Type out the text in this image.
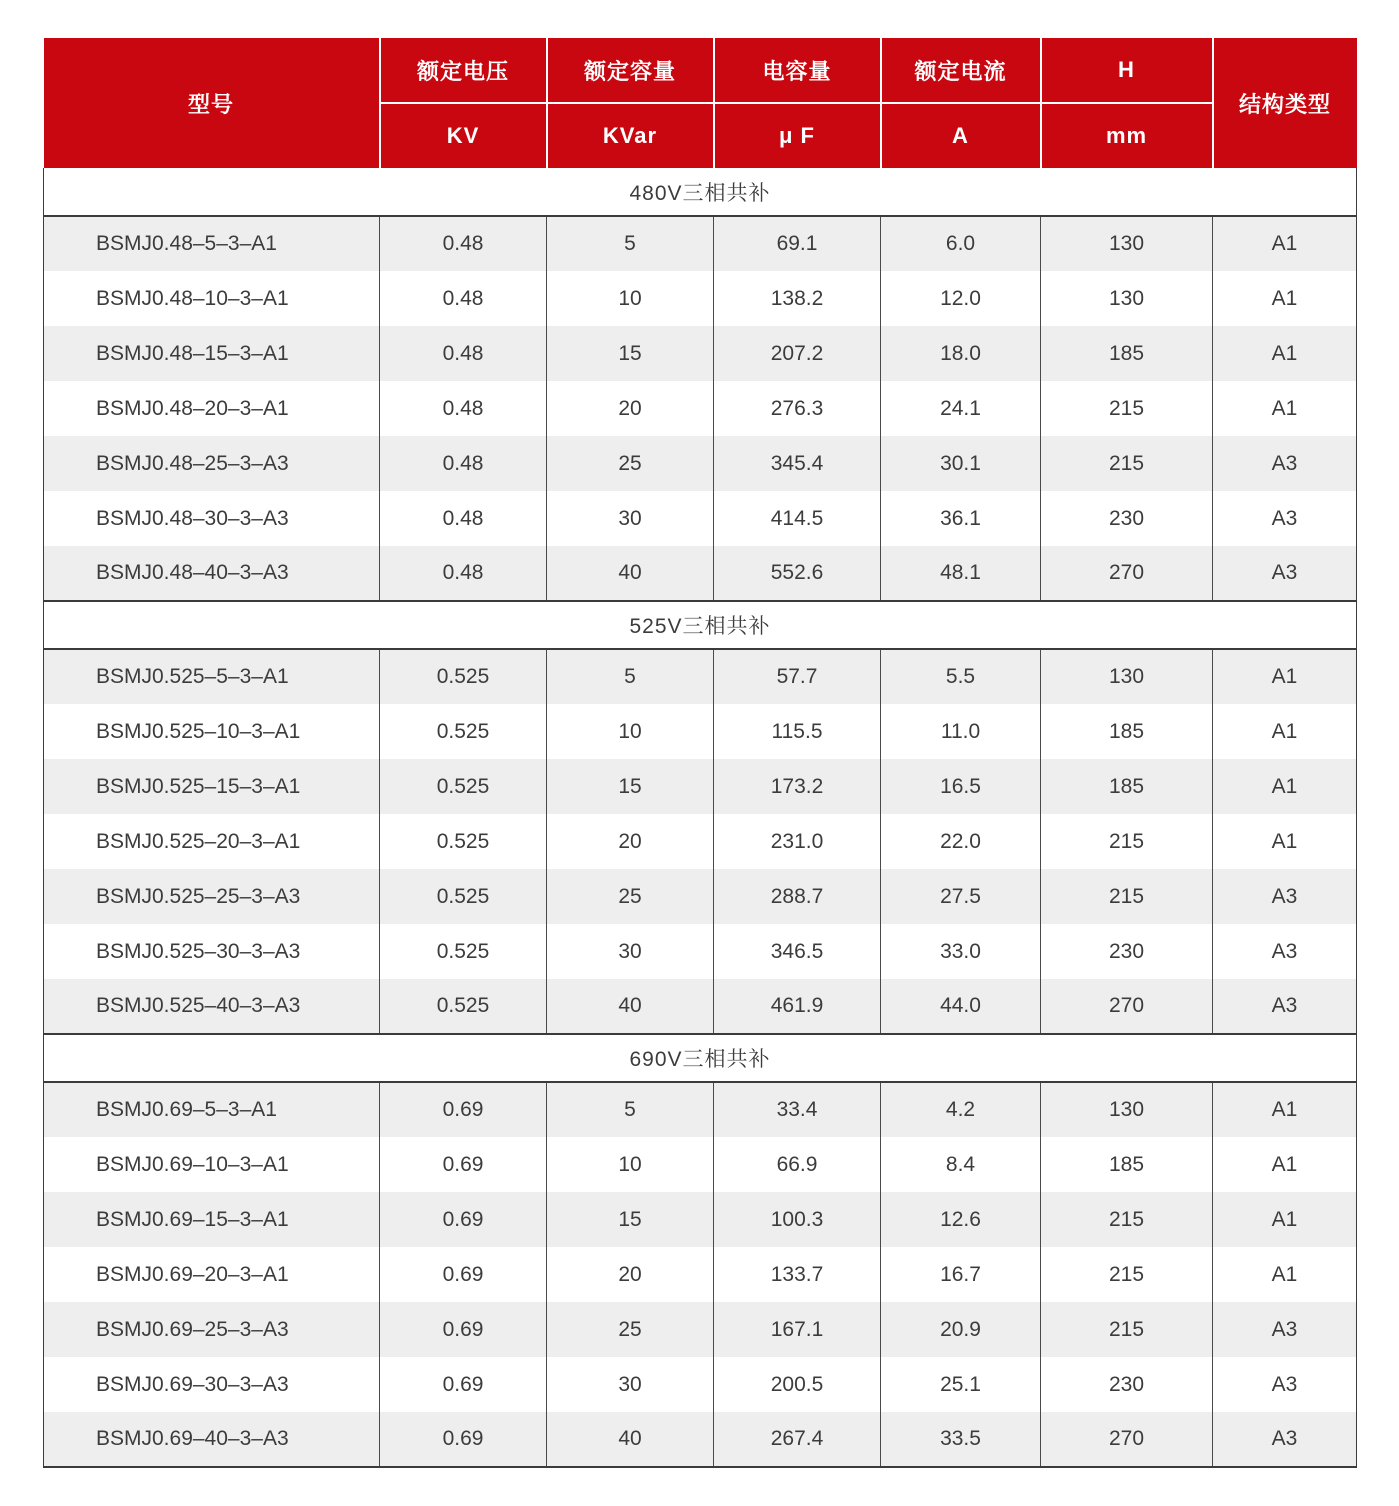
型号	额定电压	额定容量	电容量	额定电流	H	结构类型
	KV	KVar	μ F	A	mm	
480V三相共补						
BSMJ0.48–5–3–A1	0.48	5	69.1	6.0	130	A1
BSMJ0.48–10–3–A1	0.48	10	138.2	12.0	130	A1
BSMJ0.48–15–3–A1	0.48	15	207.2	18.0	185	A1
BSMJ0.48–20–3–A1	0.48	20	276.3	24.1	215	A1
BSMJ0.48–25–3–A3	0.48	25	345.4	30.1	215	A3
BSMJ0.48–30–3–A3	0.48	30	414.5	36.1	230	A3
BSMJ0.48–40–3–A3	0.48	40	552.6	48.1	270	A3
525V三相共补						
BSMJ0.525–5–3–A1	0.525	5	57.7	5.5	130	A1
BSMJ0.525–10–3–A1	0.525	10	115.5	11.0	185	A1
BSMJ0.525–15–3–A1	0.525	15	173.2	16.5	185	A1
BSMJ0.525–20–3–A1	0.525	20	231.0	22.0	215	A1
BSMJ0.525–25–3–A3	0.525	25	288.7	27.5	215	A3
BSMJ0.525–30–3–A3	0.525	30	346.5	33.0	230	A3
BSMJ0.525–40–3–A3	0.525	40	461.9	44.0	270	A3
690V三相共补						
BSMJ0.69–5–3–A1	0.69	5	33.4	4.2	130	A1
BSMJ0.69–10–3–A1	0.69	10	66.9	8.4	185	A1
BSMJ0.69–15–3–A1	0.69	15	100.3	12.6	215	A1
BSMJ0.69–20–3–A1	0.69	20	133.7	16.7	215	A1
BSMJ0.69–25–3–A3	0.69	25	167.1	20.9	215	A3
BSMJ0.69–30–3–A3	0.69	30	200.5	25.1	230	A3
BSMJ0.69–40–3–A3	0.69	40	267.4	33.5	270	A3
